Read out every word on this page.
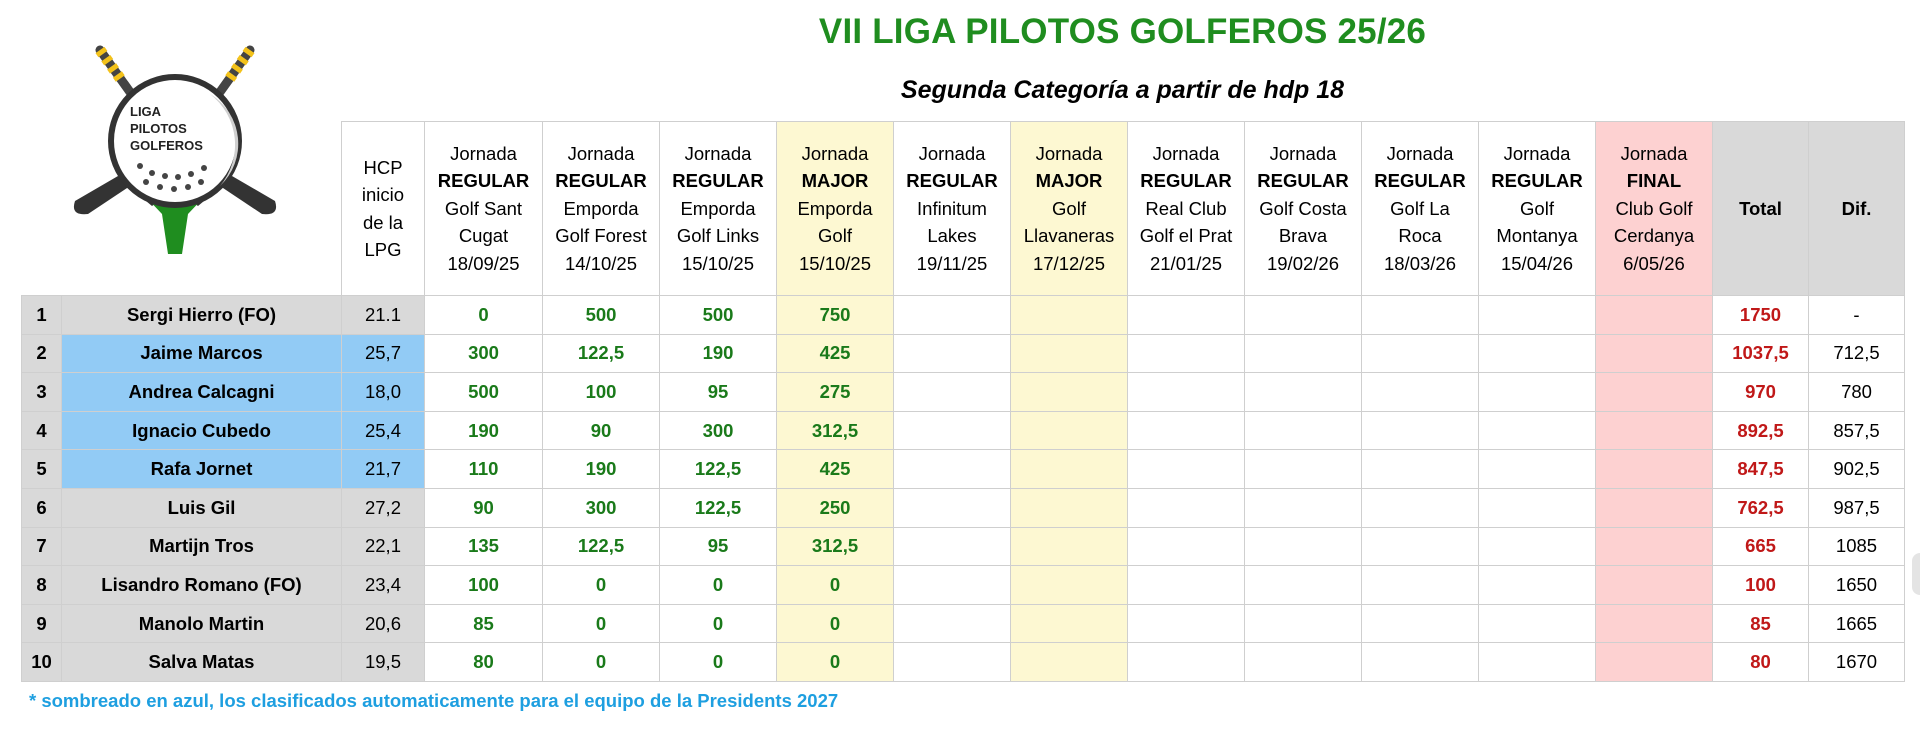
LIGA
PILOTOS
GOLFEROS
VII LIGA PILOTOS GOLFEROS 25/26
Segunda Categoría a partir de hdp 18
		HCP
inicio
de la
LPG	Jornada
REGULAR
Golf Sant
Cugat
18/09/25	Jornada
REGULAR
Emporda
Golf Forest
14/10/25	Jornada
REGULAR
Emporda
Golf Links
15/10/25	Jornada
MAJOR
Emporda
Golf
15/10/25	Jornada
REGULAR
Infinitum
Lakes
19/11/25	Jornada
MAJOR
Golf
Llavaneras
17/12/25	Jornada
REGULAR
Real Club
Golf el Prat
21/01/25	Jornada
REGULAR
Golf Costa
Brava
19/02/26	Jornada
REGULAR
Golf La
Roca
18/03/26	Jornada
REGULAR
Golf
Montanya
15/04/26	Jornada
FINAL
Club Golf
Cerdanya
6/05/26	Total	Dif.
1	Sergi Hierro (FO)	21.1	0	500	500	750								1750	-
2	Jaime Marcos	25,7	300	122,5	190	425								1037,5	712,5
3	Andrea Calcagni	18,0	500	100	95	275								970	780
4	Ignacio Cubedo	25,4	190	90	300	312,5								892,5	857,5
5	Rafa Jornet	21,7	110	190	122,5	425								847,5	902,5
6	Luis Gil	27,2	90	300	122,5	250								762,5	987,5
7	Martijn Tros	22,1	135	122,5	95	312,5								665	1085
8	Lisandro Romano (FO)	23,4	100	0	0	0								100	1650
9	Manolo Martin	20,6	85	0	0	0								85	1665
10	Salva Matas	19,5	80	0	0	0								80	1670
* sombreado en azul, los clasificados automaticamente para el equipo de la Presidents 2027
